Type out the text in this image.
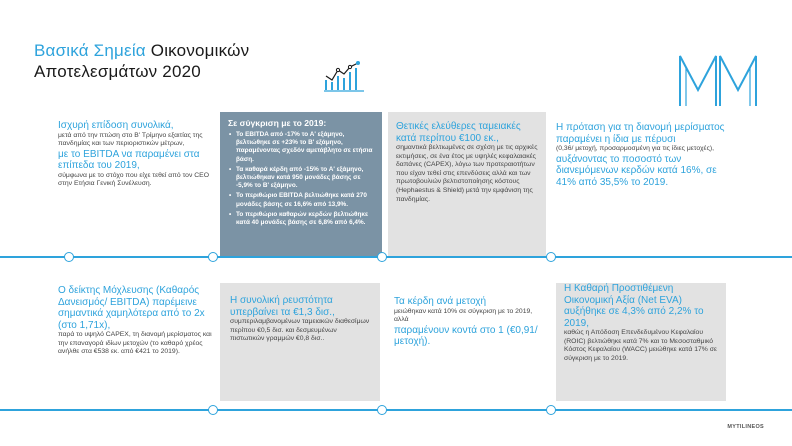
Βασικά Σημεία Οικονομικών
Αποτελεσμάτων 2020
Ισχυρή επίδοση συνολικά,
μετά από την πτώση στο Β' Τρίμηνο εξαιτίας της πανδημίας και των περιοριστικών μέτρων,
με το EBITDA να παραμένει στα επίπεδα του 2019,
σύμφωνα με το στόχο που είχε τεθεί από τον CEO στην Ετήσια Γενική Συνέλευση.
Σε σύγκριση με το 2019:
• Το EBITDA από -17% το Α' εξάμηνο, βελτιώθηκε σε +23% το Β' εξάμηνο, παραμένοντας σχεδόν αμετάβλητο σε ετήσια βάση.
• Τα καθαρά κέρδη από -15% το Α' εξάμηνο, βελτιώθηκαν κατά 950 μονάδες βάσης σε -5,9% το Β' εξάμηνο.
• Το περιθώριο EBITDA βελτιώθηκε κατά 270 μονάδες βάσης σε 16,6% από 13,9%.
• Το περιθώριο καθαρών κερδών βελτιώθηκε κατά 40 μονάδες βάσης σε 6,8% από 6,4%.
Θετικές ελεύθερες ταμειακές κατά περίπου €100 εκ.,
σημαντικά βελτιωμένες σε σχέση με τις αρχικές εκτιμήσεις, σε ένα έτος με υψηλές κεφαλαιακές δαπάνες (CAPEX), λόγω των προτεραιοτήτων που είχαν τεθεί στις επενδύσεις αλλά και των πρωτοβουλιών βελτιστοποίησης κόστους (Hephaestus & Shield) μετά την εμφάνιση της πανδημίας.
Η πρόταση για τη διανομή μερίσματος παραμένει η ίδια με πέρυσι
(0,36/ μετοχή, προσαρμοσμένη για τις ίδιες μετοχές),
αυξάνοντας το ποσοστό των διανεμόμενων κερδών κατά 16%, σε 41% από 35,5% το 2019.
Ο δείκτης Μόχλευσης (Καθαρός Δανεισμός/ EBITDA) παρέμεινε σημαντικά χαμηλότερα από το 2x (στο 1,71x),
παρά το υψηλό CAPEX, τη διανομή μερίσματος και την επαναγορά ιδίων μετοχών (το καθαρό χρέος ανήλθε στα €538 εκ. από €421 το 2019).
Η συνολική ρευστότητα υπερβαίνει τα €1,3 δισ.,
συμπεριλαμβανομένων ταμειακών διαθεσίμων περίπου €0,5 δισ. και δεσμευμένων πιστωτικών γραμμών €0,8 δισ..
Τα κέρδη ανά μετοχή
μειώθηκαν κατά 10% σε σύγκριση με το 2019, αλλά
παραμένουν κοντά στο 1 (€0,91/μετοχή).
Η Καθαρή Προστιθέμενη Οικονομική Αξία (Net EVA) αυξήθηκε σε 4,3% από 2,2% το 2019,
καθώς η Απόδοση Επενδεδυμένου Κεφαλαίου (ROIC) βελτιώθηκε κατά 7% και το Μεσοσταθμικό Κόστος Κεφαλαίου (WACC) μειώθηκε κατά 17% σε σύγκριση με το 2019.
MYTILINEOS
